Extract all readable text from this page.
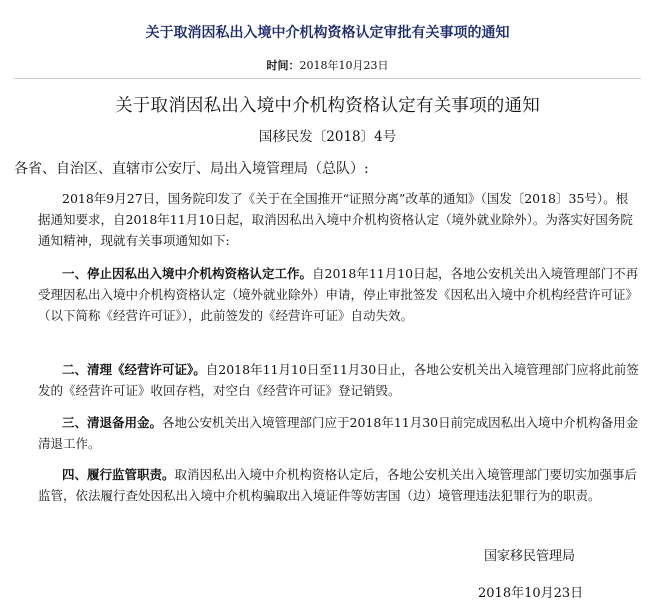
关于取消因私出入境中介机构资格认定审批有关事项的通知
时间：2018年10月23日
关于取消因私出入境中介机构资格认定有关事项的通知
国移民发〔2018〕4号
各省、自治区、直辖市公安厅、局出入境管理局（总队）:
2018年9月27日，国务院印发了《关于在全国推开“证照分离”改革的通知》（国发〔2018〕35号）。根据通知要求，自2018年11月10日起，取消因私出入境中介机构资格认定（境外就业除外）。为落实好国务院通知精神，现就有关事项通知如下:
一、停止因私出入境中介机构资格认定工作。自2018年11月10日起，各地公安机关出入境管理部门不再受理因私出入境中介机构资格认定（境外就业除外）申请，停止审批签发《因私出入境中介机构经营许可证》（以下简称《经营许可证》），此前签发的《经营许可证》自动失效。
二、清理《经营许可证》。自2018年11月10日至11月30日止，各地公安机关出入境管理部门应将此前签发的《经营许可证》收回存档，对空白《经营许可证》登记销毁。
三、清退备用金。各地公安机关出入境管理部门应于2018年11月30日前完成因私出入境中介机构备用金清退工作。
四、履行监管职责。取消因私出入境中介机构资格认定后，各地公安机关出入境管理部门要切实加强事后监管，依法履行查处因私出入境中介机构骗取出入境证件等妨害国（边）境管理违法犯罪行为的职责。
国家移民管理局
2018年10月23日
